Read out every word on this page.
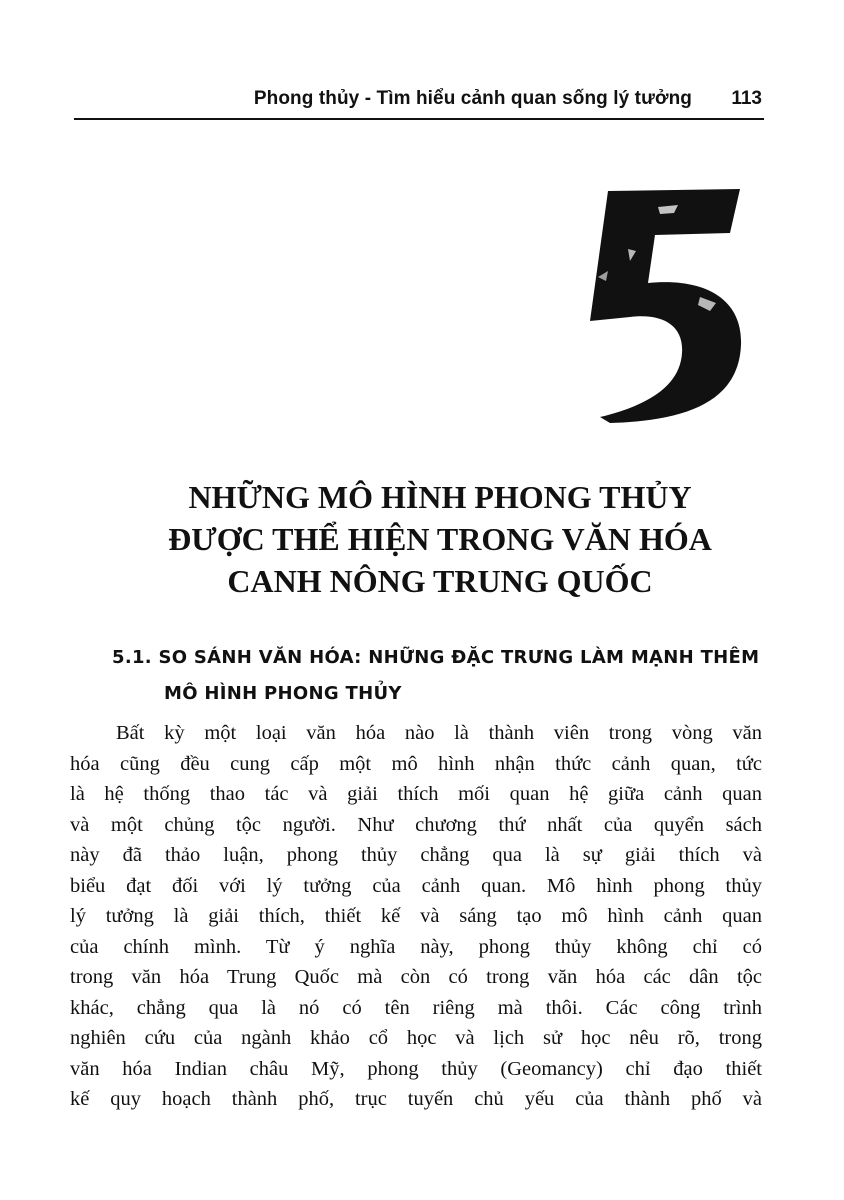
Phong thủy - Tìm hiểu cảnh quan sống lý tưởng 113
NHỮNG MÔ HÌNH PHONG THỦY
ĐƯỢC THỂ HIỆN TRONG VĂN HÓA
CANH NÔNG TRUNG QUỐC
5.1. SO SÁNH VĂN HÓA: NHỮNG ĐẶC TRƯNG LÀM MẠNH THÊM
MÔ HÌNH PHONG THỦY
Bất kỳ một loại văn hóa nào là thành viên trong vòng văn
hóa cũng đều cung cấp một mô hình nhận thức cảnh quan, tức
là hệ thống thao tác và giải thích mối quan hệ giữa cảnh quan
và một chủng tộc người. Như chương thứ nhất của quyển sách
này đã thảo luận, phong thủy chẳng qua là sự giải thích và
biểu đạt đối với lý tưởng của cảnh quan. Mô hình phong thủy
lý tưởng là giải thích, thiết kế và sáng tạo mô hình cảnh quan
của chính mình. Từ ý nghĩa này, phong thủy không chỉ có
trong văn hóa Trung Quốc mà còn có trong văn hóa các dân tộc
khác, chẳng qua là nó có tên riêng mà thôi. Các công trình
nghiên cứu của ngành khảo cổ học và lịch sử học nêu rõ, trong
văn hóa Indian châu Mỹ, phong thủy (Geomancy) chỉ đạo thiết
kế quy hoạch thành phố, trục tuyến chủ yếu của thành phố và
